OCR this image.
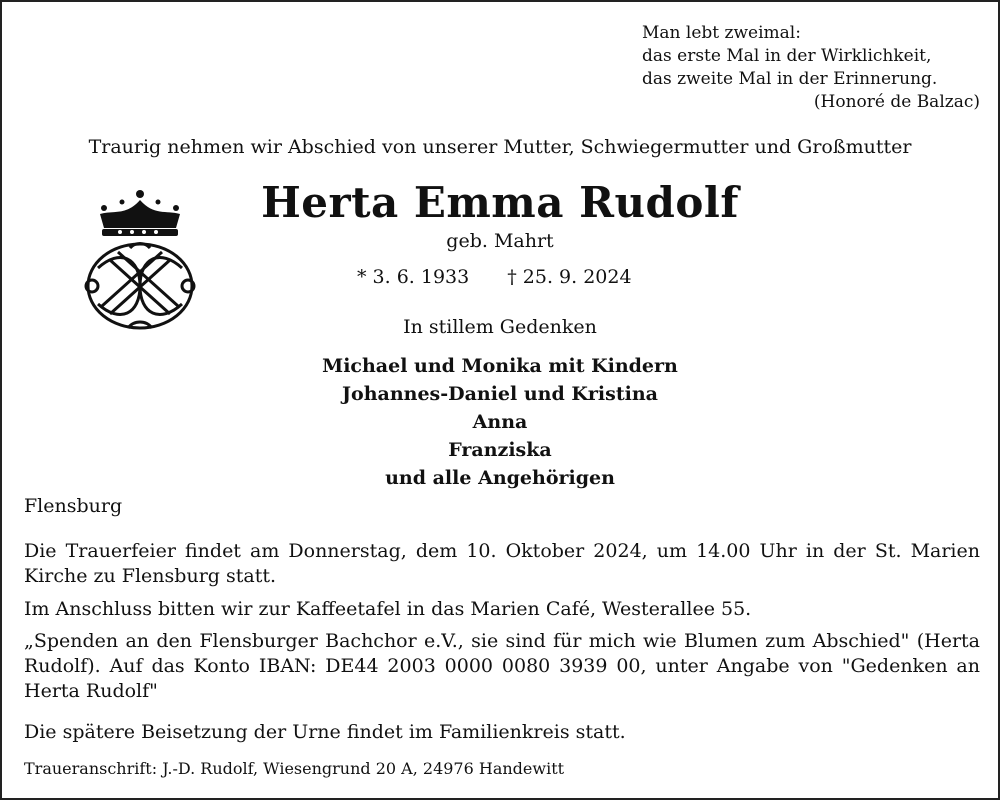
Man lebt zweimal:
das erste Mal in der Wirklichkeit,
das zweite Mal in der Erinnerung.
(Honoré de Balzac)
Traurig nehmen wir Abschied von unserer Mutter, Schwiegermutter und Großmutter
Herta Emma Rudolf
geb. Mahrt
* 3. 6. 1933 † 25. 9. 2024
In stillem Gedenken
Michael und Monika mit Kindern
Johannes-Daniel und Kristina
Anna
Franziska
und alle Angehörigen
Flensburg
Die Trauerfeier findet am Donnerstag, dem 10. Oktober 2024, um 14.00 Uhr in der St. Marien Kirche zu Flensburg statt.
Im Anschluss bitten wir zur Kaffeetafel in das Marien Café, Westerallee 55.
„Spenden an den Flensburger Bachchor e.V., sie sind für mich wie Blumen zum Abschied" (Herta Rudolf). Auf das Konto IBAN: DE44 2003 0000 0080 3939 00, unter Angabe von "Gedenken an Herta Rudolf"
Die spätere Beisetzung der Urne findet im Familienkreis statt.
Traueranschrift: J.-D. Rudolf, Wiesengrund 20 A, 24976 Handewitt
